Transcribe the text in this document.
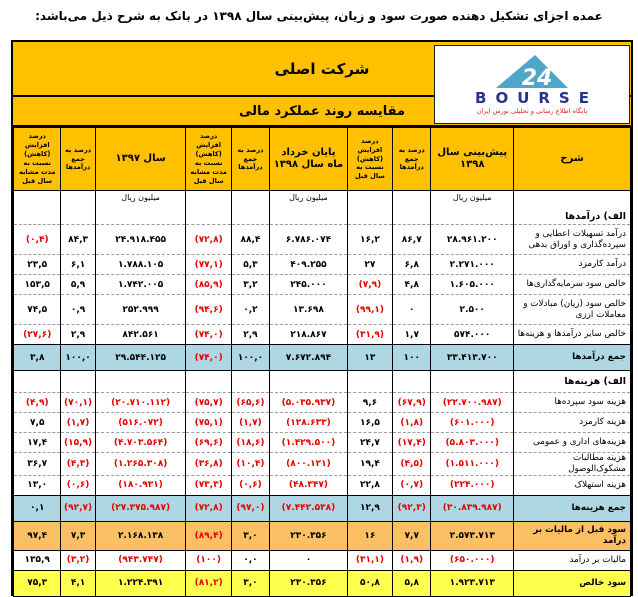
عمده اجزای تشکیل دهنده صورت سود و زیان، پیش‌بینی سال ۱۳۹۸ در بانک به شرح ذیل می‌باشد:
24
BOURSE
پایگاه اطلاع رسانی و تحلیلی بورس ایران
شرکت اصلی
مقایسه روند عملکرد مالی
شرح	پیش‌بینی سال ۱۳۹۸	درصد به جمع درآمدها	درصد افزایش (کاهش) نسبت به سال قبل	پایان خرداد ماه سال ۱۳۹۸	درصد به جمع درآمدها	درصد افزایش (کاهش) نسبت به مدت مشابه سال قبل	سال ۱۳۹۷	درصد به جمع درآمدها	درصد افزایش (کاهش) نسبت به مدت مشابه سال قبل
الف) درآمدها	میلیون ریال			میلیون ریال			میلیون ریال		
درآمد تسهیلات اعطایی و سپرده‌گذاری و اوراق بدهی	۲۸.۹۶۱.۲۰۰	۸۶,۷	۱۶,۲	۶.۷۸۶.۰۷۴	۸۸,۴	(۷۲,۸)	۲۴.۹۱۸.۴۵۵	۸۴,۳	(۰,۴)
درآمد کارمزد	۲.۲۷۱.۰۰۰	۶,۸	۲۷	۴۰۹.۲۵۵	۵,۳	(۷۷,۱)	۱.۷۸۸.۱۰۵	۶,۱	۲۳,۵
خالص سود سرمایه‌گذاری‌ها	۱.۶۰۵.۰۰۰	۴,۸	(۷,۹)	۲۴۵.۰۰۰	۳,۲	(۸۵,۹)	۱.۷۴۲.۰۰۵	۵,۹	۱۵۳,۵
خالص سود (زیان) مبادلات و معاملات ارزی	۲.۵۰۰	۰	(۹۹,۱)	۱۳.۶۹۸	۰,۲	(۹۴,۶)	۲۵۲.۹۹۹	۰,۹	۷۴,۵
خالص سایر درآمدها و هزینه‌ها	۵۷۴.۰۰۰	۱,۷	(۳۱,۹)	۲۱۸.۸۶۷	۲,۹	(۷۴,۰)	۸۴۲.۵۶۱	۲,۹	(۲۷,۶)
جمع درآمدها	۳۳.۴۱۳.۷۰۰	۱۰۰	۱۳	۷.۶۷۲.۸۹۴	۱۰۰,۰	(۷۴,۰)	۲۹.۵۴۴.۱۲۵	۱۰۰,۰	۳,۸
الف) هزینه‌ها									
هزینه سود سپرده‌ها	(۲۲.۷۰۰.۹۸۷)	(۶۷,۹)	۹,۶	(۵.۰۳۵.۹۳۷)	(۶۵,۶)	(۷۵,۷)	(۲۰.۷۱۰.۱۱۲)	(۷۰,۱)	(۴,۹)
هزینه کارمزد	(۶۰۱.۰۰۰)	(۱,۸)	۱۶,۵	(۱۲۸.۶۳۳)	(۱,۷)	(۷۵,۱)	(۵۱۶.۰۷۲)	(۱,۷)	۷,۵
هزینه‌های اداری و عمومی	(۵.۸۰۳.۰۰۰)	(۱۷,۴)	۲۴,۷	(۱.۴۲۹.۵۰۰)	(۱۸,۶)	(۶۹,۶)	(۴.۷۰۳.۵۶۴)	(۱۵,۹)	۱۷,۴
هزینه مطالبات مشکوک‌الوصول	(۱.۵۱۱.۰۰۰)	(۴,۵)	۱۹,۴	(۸۰۰.۱۲۱)	(۱۰,۴)	(۳۶,۸)	(۱.۲۶۵.۳۰۸)	(۴,۳)	۳۶,۷
هزینه استهلاک	(۲۲۴.۰۰۰)	(۰,۷)	۲۲,۸	(۴۸.۳۴۷)	(۰,۶)	(۷۳,۳)	(۱۸۰.۹۳۱)	(۰,۶)	۱۳,۰
جمع هزینه‌ها	(۳۰.۸۳۹.۹۸۷)	(۹۲,۳)	۱۲,۹	(۷.۴۴۲.۵۳۸)	(۹۷,۰)	(۷۲,۸)	(۲۷.۳۷۵.۹۸۷)	(۹۲,۷)	۰,۱
سود قبل از مالیات بر درآمد	۲.۵۷۳.۷۱۳	۷,۷	۱۶	۲۳۰.۳۵۶	۳,۰	(۸۹,۴)	۲.۱۶۸.۱۳۸	۷,۳	۹۷,۴
مالیات بر درآمد	(۶۵۰.۰۰۰)	(۱,۹)	(۳۱,۱)	۰	۰,۰	(۱۰۰)	(۹۴۳.۷۴۷)	(۳,۲)	۱۳۵,۹
سود خالص	۱.۹۲۳.۷۱۳	۵,۸	۵۰,۸	۲۳۰.۳۵۶	۳,۰	(۸۱,۲)	۱.۲۲۴.۳۹۱	۴,۱	۷۵,۳
